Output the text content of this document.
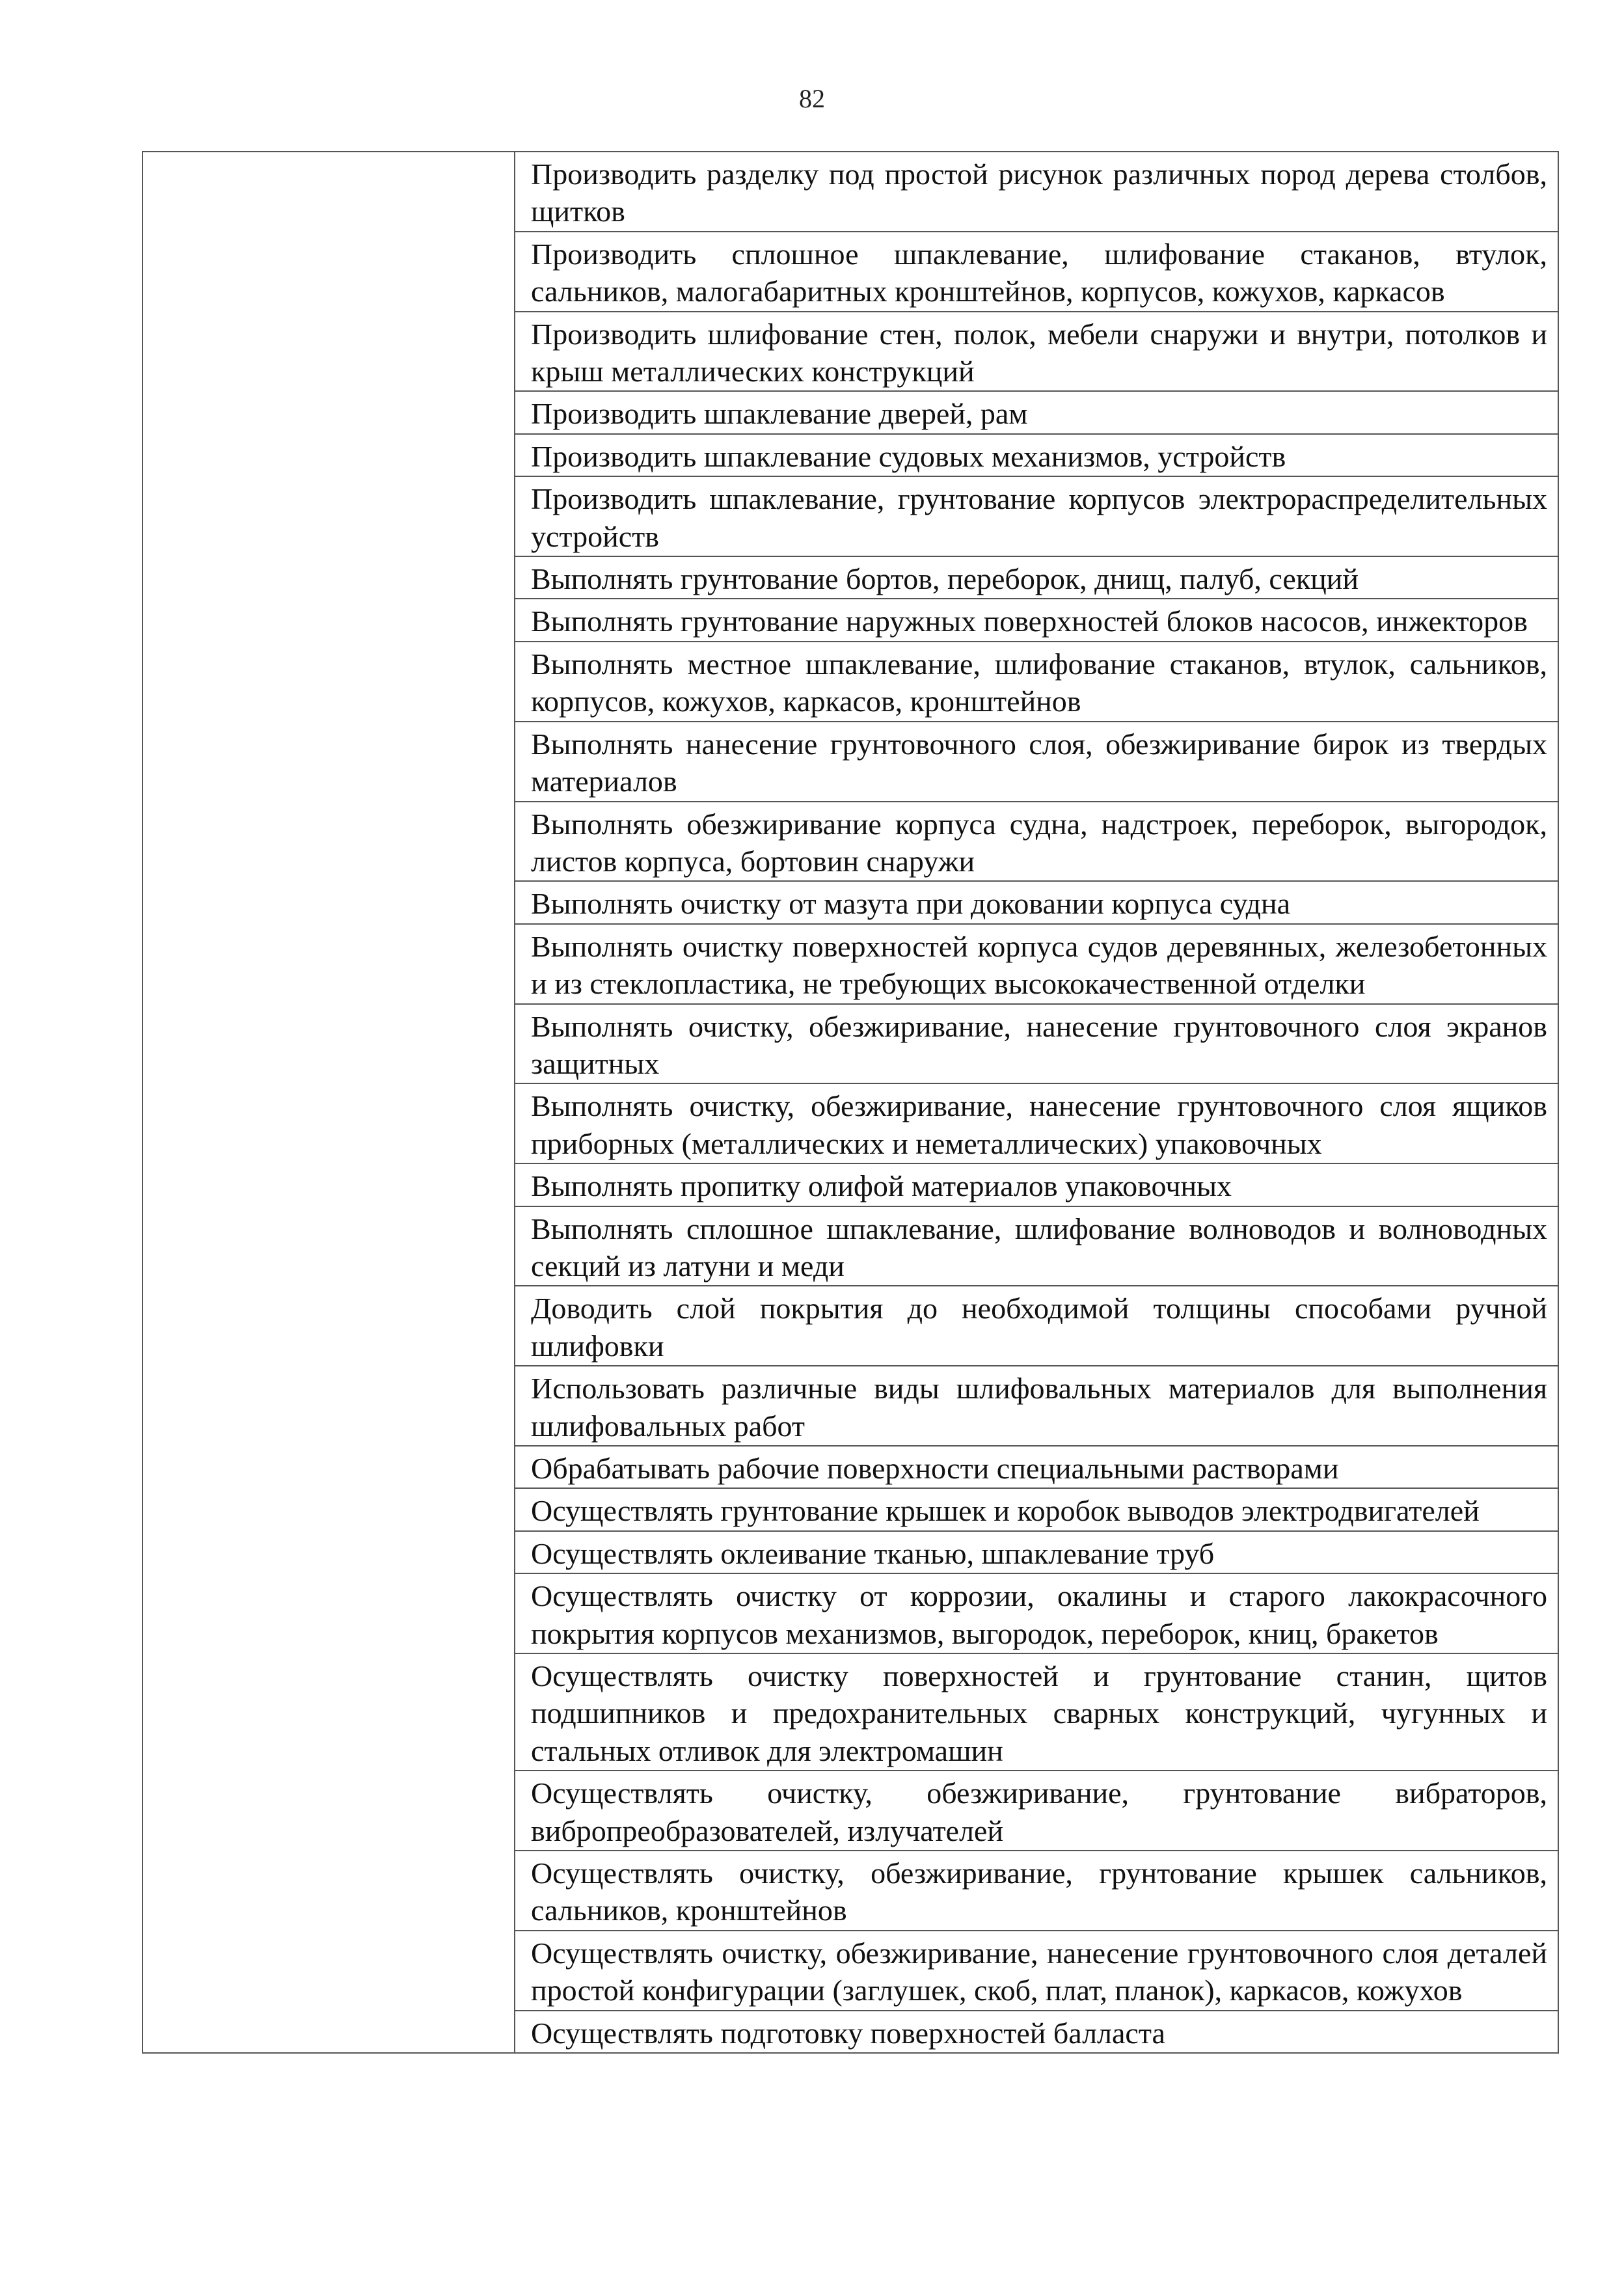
82

Производить разделку под простой рисунок различных пород дерева столбов, щитков

Производить сплошное шпаклевание, шлифование стаканов, втулок, сальников, малогабаритных кронштейнов, корпусов, кожухов, каркасов

Производить шлифование стен, полок, мебели снаружи и внутри, потолков и крыш металлических конструкций

Производить шпаклевание дверей, рам

Производить шпаклевание судовых механизмов, устройств

Производить шпаклевание, грунтование корпусов электрораспределительных устройств

Выполнять грунтование бортов, переборок, днищ, палуб, секций

Выполнять грунтование наружных поверхностей блоков насосов, инжекторов

Выполнять местное шпаклевание, шлифование стаканов, втулок, сальников, корпусов, кожухов, каркасов, кронштейнов

Выполнять нанесение грунтовочного слоя, обезжиривание бирок из твердых материалов

Выполнять обезжиривание корпуса судна, надстроек, переборок, выгородок, листов корпуса, бортовин снаружи

Выполнять очистку от мазута при доковании корпуса судна

Выполнять очистку поверхностей корпуса судов деревянных, железобетонных и из стеклопластика, не требующих высококачественной отделки

Выполнять очистку, обезжиривание, нанесение грунтовочного слоя экранов защитных

Выполнять очистку, обезжиривание, нанесение грунтовочного слоя ящиков приборных (металлических и неметаллических) упаковочных

Выполнять пропитку олифой материалов упаковочных

Выполнять сплошное шпаклевание, шлифование волноводов и волноводных секций из латуни и меди

Доводить слой покрытия до необходимой толщины способами ручной шлифовки

Использовать различные виды шлифовальных материалов для выполнения шлифовальных работ

Обрабатывать рабочие поверхности специальными растворами

Осуществлять грунтование крышек и коробок выводов электродвигателей

Осуществлять оклеивание тканью, шпаклевание труб

Осуществлять очистку от коррозии, окалины и старого лакокрасочного покрытия корпусов механизмов, выгородок, переборок, книц, бракетов

Осуществлять очистку поверхностей и грунтование станин, щитов подшипников и предохранительных сварных конструкций, чугунных и стальных отливок для электромашин

Осуществлять очистку, обезжиривание, грунтование вибраторов, вибропреобразователей, излучателей

Осуществлять очистку, обезжиривание, грунтование крышек сальников, сальников, кронштейнов

Осуществлять очистку, обезжиривание, нанесение грунтовочного слоя деталей простой конфигурации (заглушек, скоб, плат, планок), каркасов, кожухов

Осуществлять подготовку поверхностей балласта
